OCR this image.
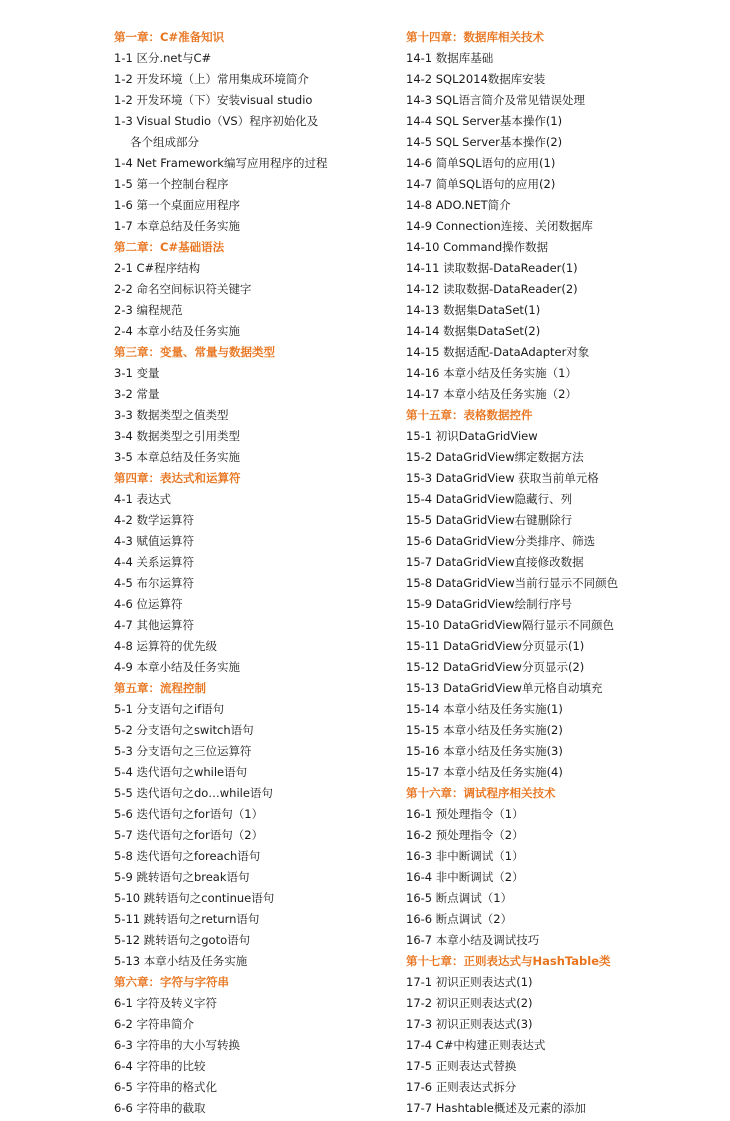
第一章：C#准备知识
1-1 区分.net与C#
1-2 开发环境（上）常用集成环境简介
1-2 开发环境（下）安装visual studio
1-3 Visual Studio（VS）程序初始化及
各个组成部分
1-4 Net Framework编写应用程序的过程
1-5 第一个控制台程序
1-6 第一个桌面应用程序
1-7 本章总结及任务实施
第二章：C#基础语法
2-1 C#程序结构
2-2 命名空间标识符关键字
2-3 编程规范
2-4 本章小结及任务实施
第三章：变量、常量与数据类型
3-1 变量
3-2 常量
3-3 数据类型之值类型
3-4 数据类型之引用类型
3-5 本章总结及任务实施
第四章：表达式和运算符
4-1 表达式
4-2 数学运算符
4-3 赋值运算符
4-4 关系运算符
4-5 布尔运算符
4-6 位运算符
4-7 其他运算符
4-8 运算符的优先级
4-9 本章小结及任务实施
第五章：流程控制
5-1 分支语句之if语句
5-2 分支语句之switch语句
5-3 分支语句之三位运算符
5-4 迭代语句之while语句
5-5 迭代语句之do…while语句
5-6 迭代语句之for语句（1）
5-7 迭代语句之for语句（2）
5-8 迭代语句之foreach语句
5-9 跳转语句之break语句
5-10 跳转语句之continue语句
5-11 跳转语句之return语句
5-12 跳转语句之goto语句
5-13 本章小结及任务实施
第六章：字符与字符串
6-1 字符及转义字符
6-2 字符串简介
6-3 字符串的大小写转换
6-4 字符串的比较
6-5 字符串的格式化
6-6 字符串的截取
第十四章：数据库相关技术
14-1 数据库基础
14-2 SQL2014数据库安装
14-3 SQL语言简介及常见错误处理
14-4 SQL Server基本操作(1)
14-5 SQL Server基本操作(2)
14-6 简单SQL语句的应用(1)
14-7 简单SQL语句的应用(2)
14-8 ADO.NET简介
14-9 Connection连接、关闭数据库
14-10 Command操作数据
14-11 读取数据-DataReader(1)
14-12 读取数据-DataReader(2)
14-13 数据集DataSet(1)
14-14 数据集DataSet(2)
14-15 数据适配-DataAdapter对象
14-16 本章小结及任务实施（1）
14-17 本章小结及任务实施（2）
第十五章：表格数据控件
15-1 初识DataGridView
15-2 DataGridView绑定数据方法
15-3 DataGridView 获取当前单元格
15-4 DataGridView隐藏行、列
15-5 DataGridView右键删除行
15-6 DataGridView分类排序、筛选
15-7 DataGridView直接修改数据
15-8 DataGridView当前行显示不同颜色
15-9 DataGridView绘制行序号
15-10 DataGridView隔行显示不同颜色
15-11 DataGridView分页显示(1)
15-12 DataGridView分页显示(2)
15-13 DataGridView单元格自动填充
15-14 本章小结及任务实施(1)
15-15 本章小结及任务实施(2)
15-16 本章小结及任务实施(3)
15-17 本章小结及任务实施(4)
第十六章：调试程序相关技术
16-1 预处理指令（1）
16-2 预处理指令（2）
16-3 非中断调试（1）
16-4 非中断调试（2）
16-5 断点调试（1）
16-6 断点调试（2）
16-7 本章小结及调试技巧
第十七章：正则表达式与HashTable类
17-1 初识正则表达式(1)
17-2 初识正则表达式(2)
17-3 初识正则表达式(3)
17-4 C#中构建正则表达式
17-5 正则表达式替换
17-6 正则表达式拆分
17-7 Hashtable概述及元素的添加
